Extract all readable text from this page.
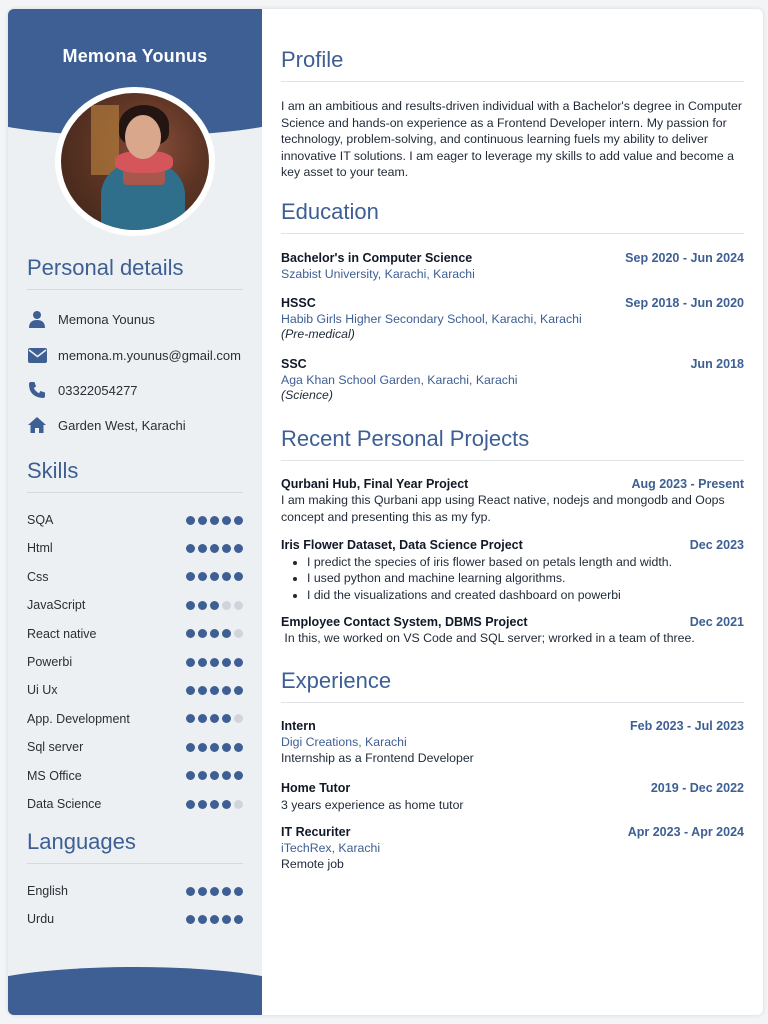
Memona Younus
Personal details
Memona Younus
memona.m.younus@gmail.com
03322054277
Garden West, Karachi
Skills
SQA
Html
Css
JavaScript
React native
Powerbi
Ui Ux
App. Development
Sql server
MS Office
Data Science
Languages
English
Urdu
Profile
I am an ambitious and results-driven individual with a Bachelor's degree in Computer Science and hands-on experience as a Frontend Developer intern. My passion for technology, problem-solving, and continuous learning fuels my ability to deliver innovative IT solutions. I am eager to leverage my skills to add value and become a key asset to your team.
Education
Bachelor's in Computer Science	Sep 2020 - Jun 2024
Szabist University, Karachi, Karachi
HSSC	Sep 2018 - Jun 2020
Habib Girls Higher Secondary School, Karachi, Karachi
(Pre-medical)
SSC	Jun 2018
Aga Khan School Garden, Karachi, Karachi
(Science)
Recent Personal Projects
Qurbani Hub, Final Year Project	Aug 2023 - Present
I am making this Qurbani app using React native, nodejs and mongodb and Oops concept and presenting this as my fyp.
Iris Flower Dataset, Data Science Project	Dec 2023
• I predict the species of iris flower based on petals length and width.
• I used python and machine learning algorithms.
• I did the visualizations and created dashboard on powerbi
Employee Contact System, DBMS Project	Dec 2021
In this, we worked on VS Code and SQL server; wrorked in a team of three.
Experience
Intern	Feb 2023 - Jul 2023
Digi Creations, Karachi
Internship as a Frontend Developer
Home Tutor	2019 - Dec 2022
3 years experience as home tutor
IT Recuriter	Apr 2023 - Apr 2024
iTechRex, Karachi
Remote job
